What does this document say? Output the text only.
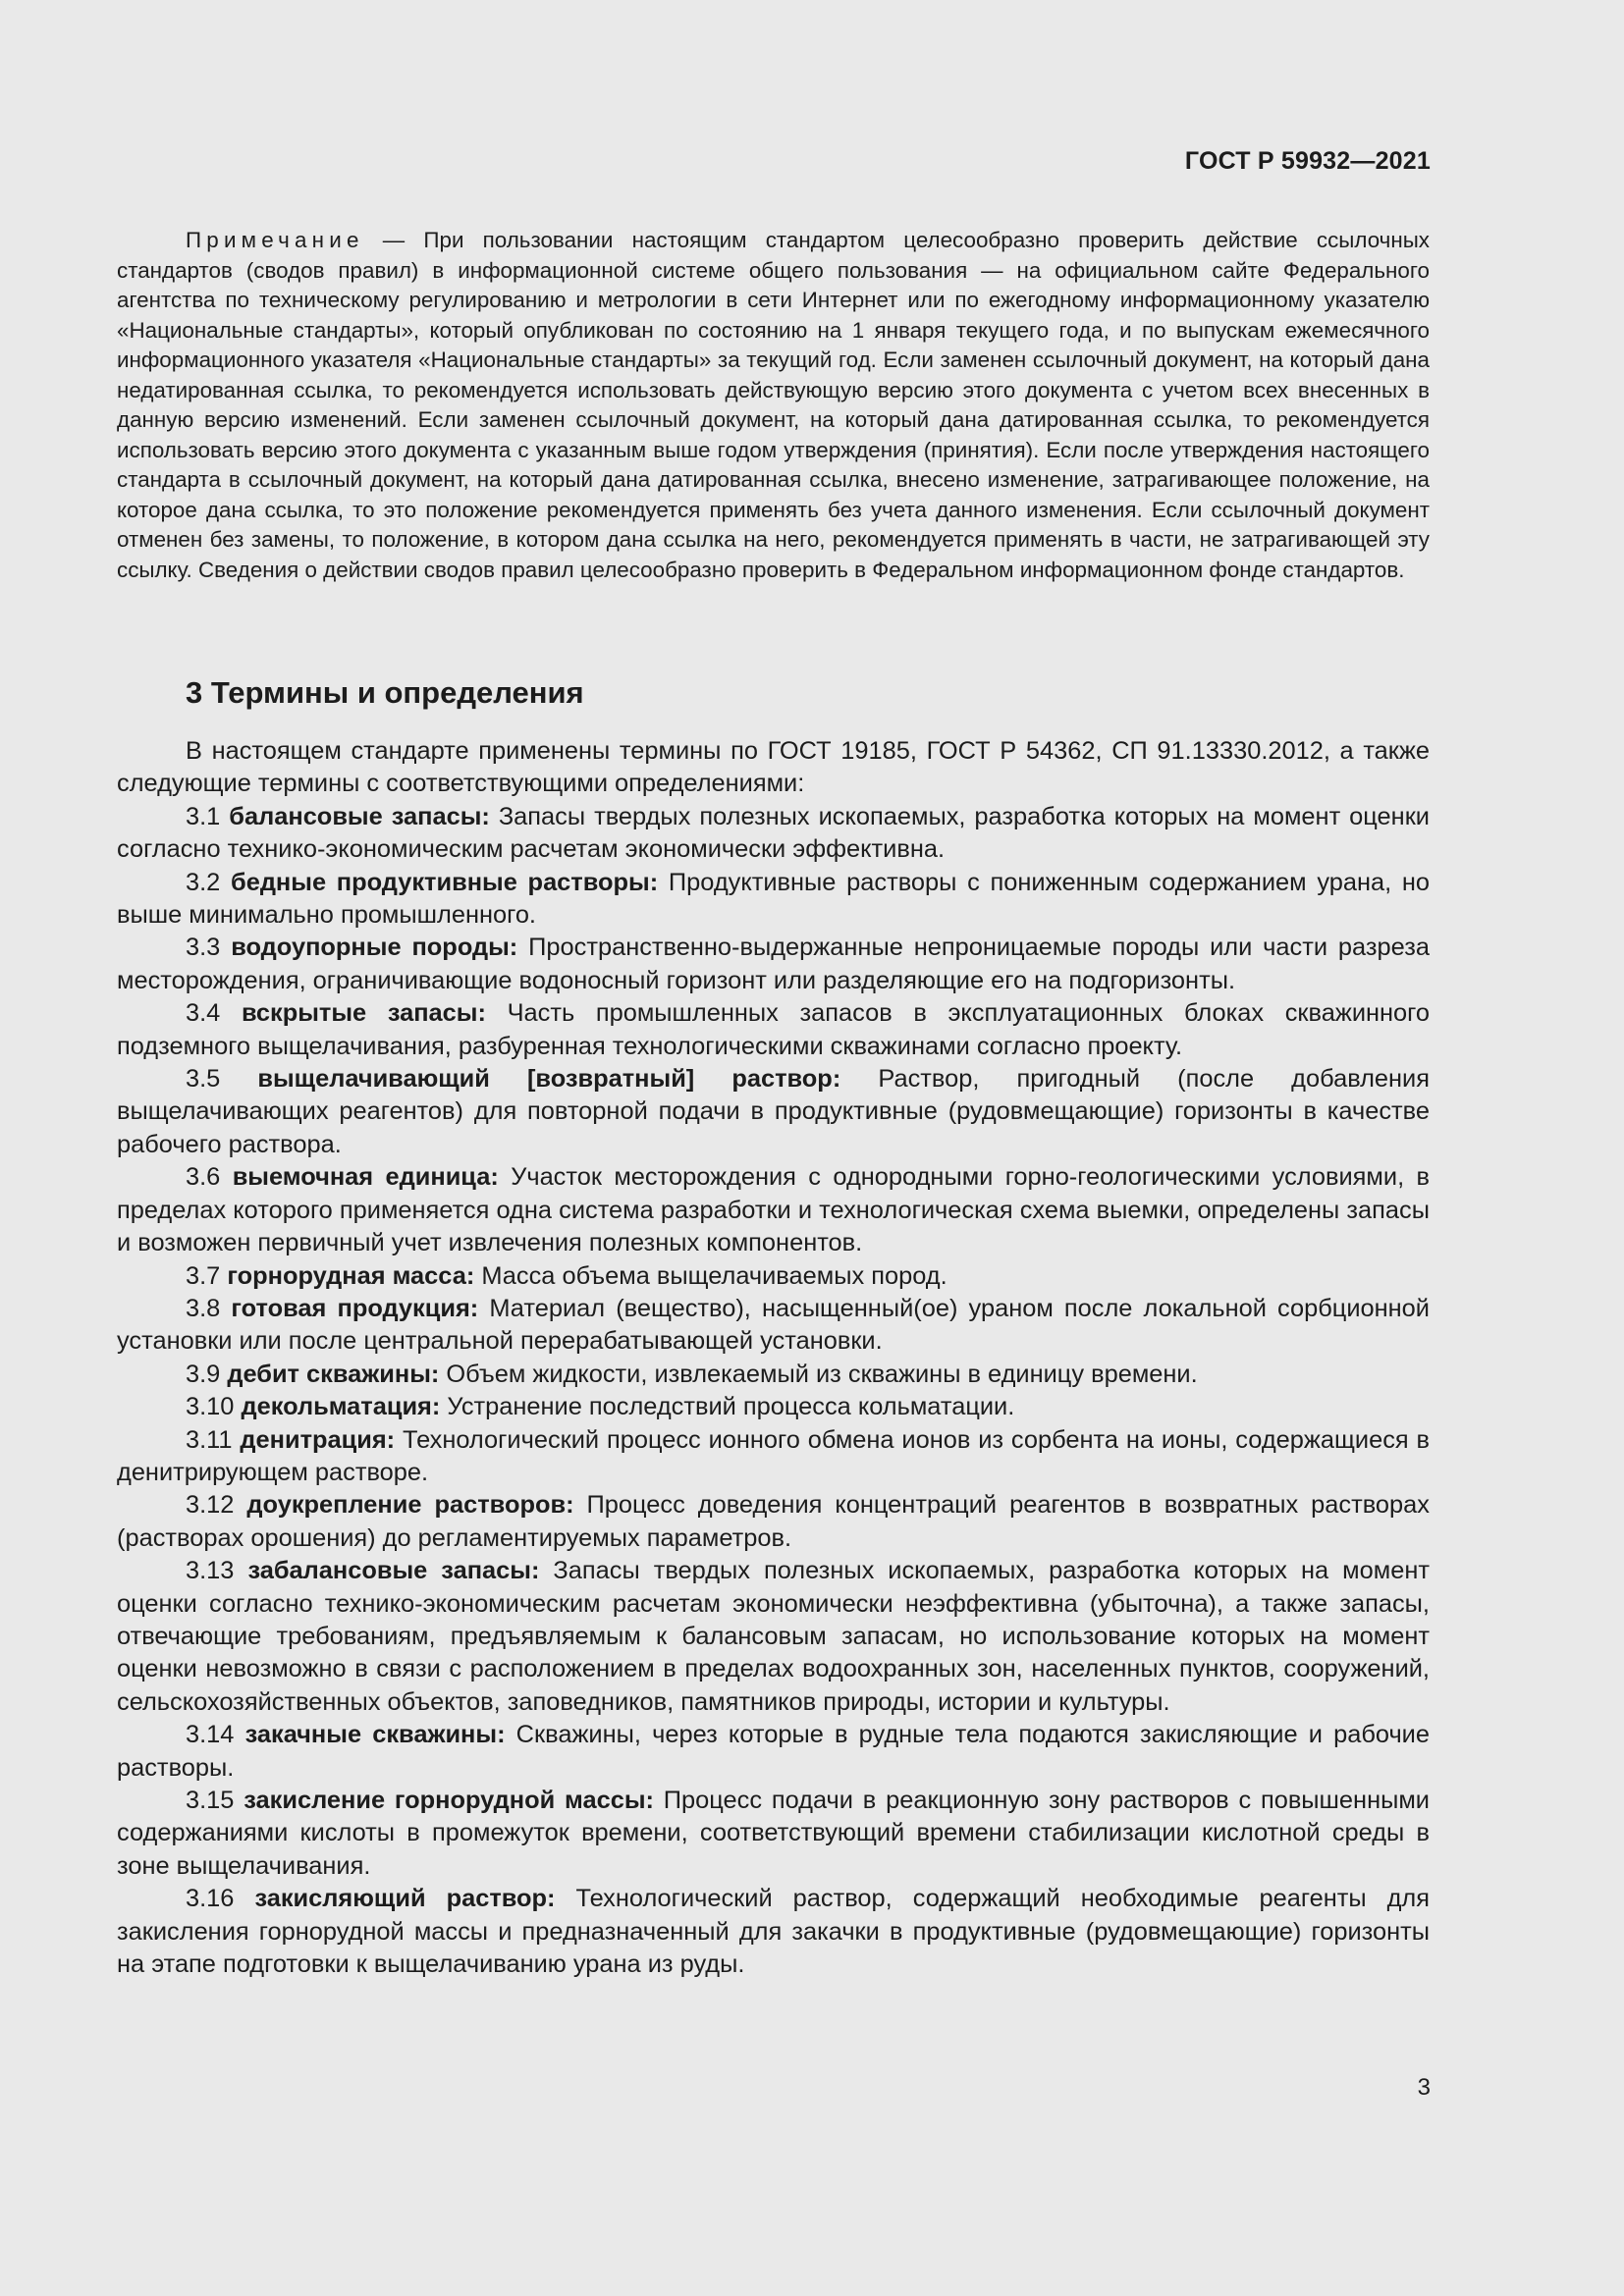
ГОСТ Р 59932—2021

Примечание — При пользовании настоящим стандартом целесообразно проверить действие ссылочных стандартов (сводов правил) в информационной системе общего пользования — на официальном сайте Федерального агентства по техническому регулированию и метрологии в сети Интернет или по ежегодному информационному указателю «Национальные стандарты», который опубликован по состоянию на 1 января текущего года, и по выпускам ежемесячного информационного указателя «Национальные стандарты» за текущий год. Если заменен ссылочный документ, на который дана недатированная ссылка, то рекомендуется использовать действующую версию этого документа с учетом всех внесенных в данную версию изменений. Если заменен ссылочный документ, на который дана датированная ссылка, то рекомендуется использовать версию этого документа с указанным выше годом утверждения (принятия). Если после утверждения настоящего стандарта в ссылочный документ, на который дана датированная ссылка, внесено изменение, затрагивающее положение, на которое дана ссылка, то это положение рекомендуется применять без учета данного изменения. Если ссылочный документ отменен без замены, то положение, в котором дана ссылка на него, рекомендуется применять в части, не затрагивающей эту ссылку. Сведения о действии сводов правил целесообразно проверить в Федеральном информационном фонде стандартов.

3 Термины и определения

В настоящем стандарте применены термины по ГОСТ 19185, ГОСТ Р 54362, СП 91.13330.2012, а также следующие термины с соответствующими определениями:

3.1 балансовые запасы: Запасы твердых полезных ископаемых, разработка которых на момент оценки согласно технико-экономическим расчетам экономически эффективна.

3.2 бедные продуктивные растворы: Продуктивные растворы с пониженным содержанием урана, но выше минимально промышленного.

3.3 водоупорные породы: Пространственно-выдержанные непроницаемые породы или части разреза месторождения, ограничивающие водоносный горизонт или разделяющие его на подгоризонты.

3.4 вскрытые запасы: Часть промышленных запасов в эксплуатационных блоках скважинного подземного выщелачивания, разбуренная технологическими скважинами согласно проекту.

3.5 выщелачивающий [возвратный] раствор: Раствор, пригодный (после добавления выщелачивающих реагентов) для повторной подачи в продуктивные (рудовмещающие) горизонты в качестве рабочего раствора.

3.6 выемочная единица: Участок месторождения с однородными горно-геологическими условиями, в пределах которого применяется одна система разработки и технологическая схема выемки, определены запасы и возможен первичный учет извлечения полезных компонентов.

3.7 горнорудная масса: Масса объема выщелачиваемых пород.

3.8 готовая продукция: Материал (вещество), насыщенный(ое) ураном после локальной сорбционной установки или после центральной перерабатывающей установки.

3.9 дебит скважины: Объем жидкости, извлекаемый из скважины в единицу времени.

3.10 декольматация: Устранение последствий процесса кольматации.

3.11 денитрация: Технологический процесс ионного обмена ионов из сорбента на ионы, содержащиеся в денитрирующем растворе.

3.12 доукрепление растворов: Процесс доведения концентраций реагентов в возвратных растворах (растворах орошения) до регламентируемых параметров.

3.13 забалансовые запасы: Запасы твердых полезных ископаемых, разработка которых на момент оценки согласно технико-экономическим расчетам экономически неэффективна (убыточна), а также запасы, отвечающие требованиям, предъявляемым к балансовым запасам, но использование которых на момент оценки невозможно в связи с расположением в пределах водоохранных зон, населенных пунктов, сооружений, сельскохозяйственных объектов, заповедников, памятников природы, истории и культуры.

3.14 закачные скважины: Скважины, через которые в рудные тела подаются закисляющие и рабочие растворы.

3.15 закисление горнорудной массы: Процесс подачи в реакционную зону растворов с повышенными содержаниями кислоты в промежуток времени, соответствующий времени стабилизации кислотной среды в зоне выщелачивания.

3.16 закисляющий раствор: Технологический раствор, содержащий необходимые реагенты для закисления горнорудной массы и предназначенный для закачки в продуктивные (рудовмещающие) горизонты на этапе подготовки к выщелачиванию урана из руды.

3
